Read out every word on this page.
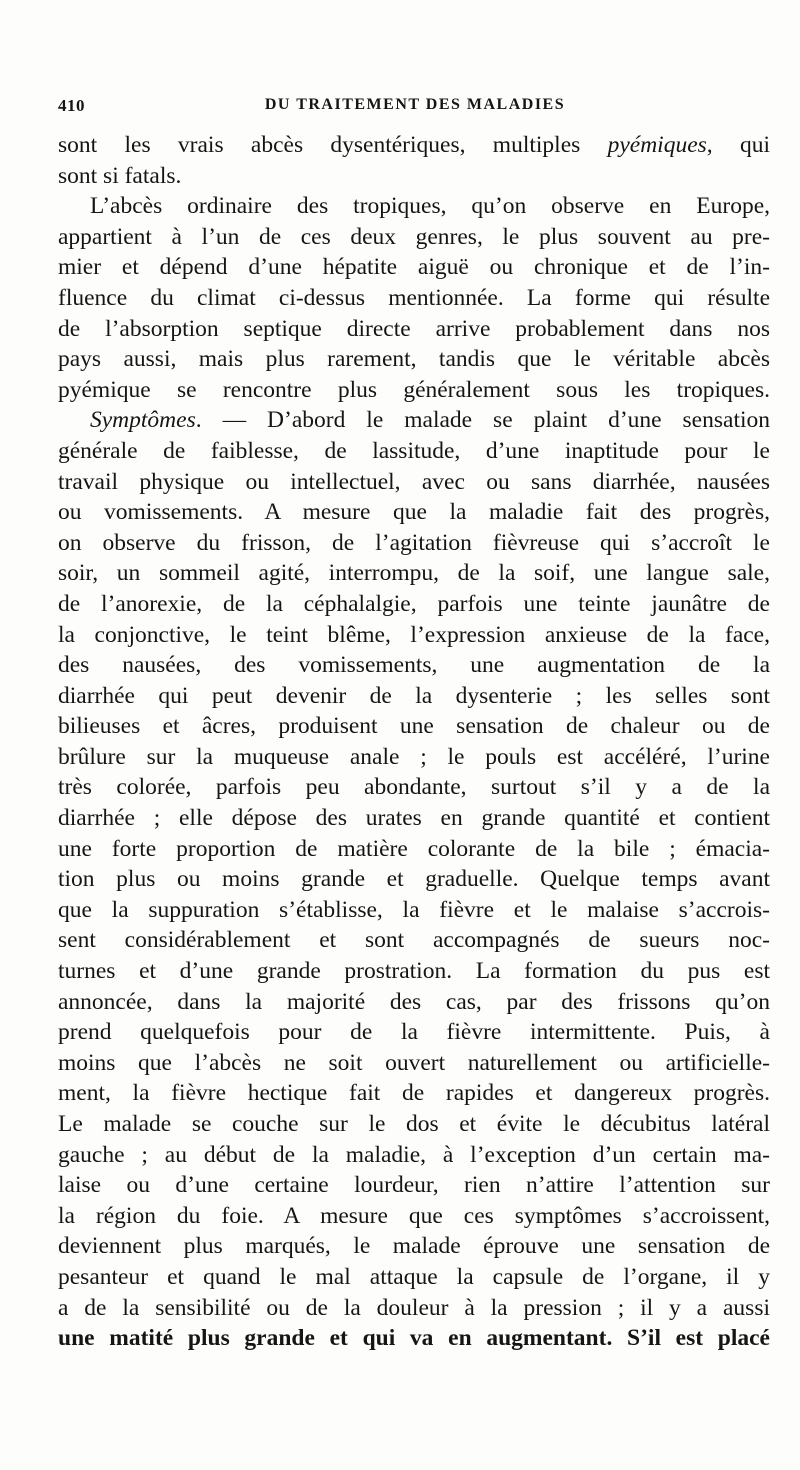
410	DU TRAITEMENT DES MALADIES
sont les vrais abcès dysentériques, multiples pyémiques, qui
sont si fatals.
L’abcès ordinaire des tropiques, qu’on observe en Europe,
appartient à l’un de ces deux genres, le plus souvent au pre-
mier et dépend d’une hépatite aiguë ou chronique et de l’in-
fluence du climat ci-dessus mentionnée. La forme qui résulte
de l’absorption septique directe arrive probablement dans nos
pays aussi, mais plus rarement, tandis que le véritable abcès
pyémique se rencontre plus généralement sous les tropiques.
Symptômes. — D’abord le malade se plaint d’une sensation
générale de faiblesse, de lassitude, d’une inaptitude pour le
travail physique ou intellectuel, avec ou sans diarrhée, nausées
ou vomissements. A mesure que la maladie fait des progrès,
on observe du frisson, de l’agitation fièvreuse qui s’accroît le
soir, un sommeil agité, interrompu, de la soif, une langue sale,
de l’anorexie, de la céphalalgie, parfois une teinte jaunâtre de
la conjonctive, le teint blême, l’expression anxieuse de la face,
des nausées, des vomissements, une augmentation de la
diarrhée qui peut devenir de la dysenterie ; les selles sont
bilieuses et âcres, produisent une sensation de chaleur ou de
brûlure sur la muqueuse anale ; le pouls est accéléré, l’urine
très colorée, parfois peu abondante, surtout s’il y a de la
diarrhée ; elle dépose des urates en grande quantité et contient
une forte proportion de matière colorante de la bile ; émacia-
tion plus ou moins grande et graduelle. Quelque temps avant
que la suppuration s’établisse, la fièvre et le malaise s’accrois-
sent considérablement et sont accompagnés de sueurs noc-
turnes et d’une grande prostration. La formation du pus est
annoncée, dans la majorité des cas, par des frissons qu’on
prend quelquefois pour de la fièvre intermittente. Puis, à
moins que l’abcès ne soit ouvert naturellement ou artificielle-
ment, la fièvre hectique fait de rapides et dangereux progrès.
Le malade se couche sur le dos et évite le décubitus latéral
gauche ; au début de la maladie, à l’exception d’un certain ma-
laise ou d’une certaine lourdeur, rien n’attire l’attention sur
la région du foie. A mesure que ces symptômes s’accroissent,
deviennent plus marqués, le malade éprouve une sensation de
pesanteur et quand le mal attaque la capsule de l’organe, il y
a de la sensibilité ou de la douleur à la pression ; il y a aussi
une matité plus grande et qui va en augmentant. S’il est placé
